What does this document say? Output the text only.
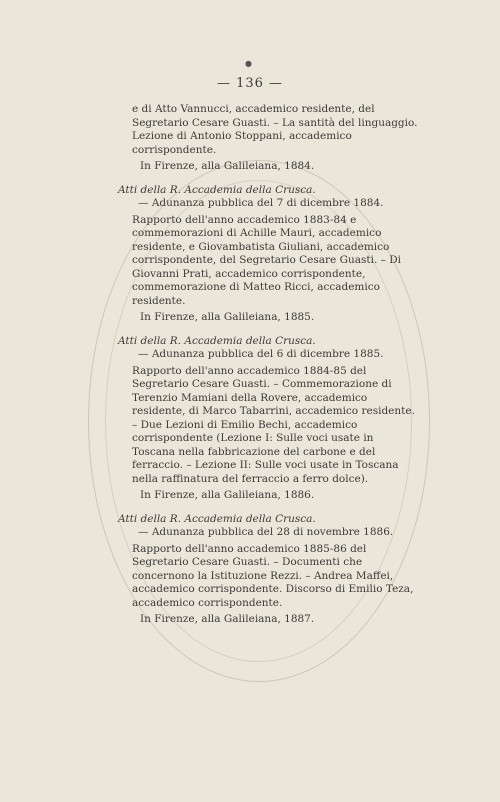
●
— 136 —
e di Atto Vannucci, accademico residente, del Segretario Cesare Guasti. – La santità del linguaggio. Lezione di Antonio Stoppani, accademico corrispondente.
In Firenze, alla Galileiana, 1884.
Atti della R. Accademia della Crusca.
— Adunanza pubblica del 7 di dicembre 1884.
Rapporto dell'anno accademico 1883-84 e commemorazioni di Achille Mauri, accademico residente, e Giovambatista Giuliani, accademico corrispondente, del Segretario Cesare Guasti. – Di Giovanni Prati, accademico corrispondente, commemorazione di Matteo Ricci, accademico residente.
In Firenze, alla Galileiana, 1885.
Atti della R. Accademia della Crusca.
— Adunanza pubblica del 6 di dicembre 1885.
Rapporto dell'anno accademico 1884-85 del Segretario Cesare Guasti. – Commemorazione di Terenzio Mamiani della Rovere, accademico residente, di Marco Tabarrini, accademico residente. – Due Lezioni di Emilio Bechi, accademico corrispondente (Lezione I: Sulle voci usate in Toscana nella fabbricazione del carbone e del ferraccio. – Lezione II: Sulle voci usate in Toscana nella raffinatura del ferraccio a ferro dolce).
In Firenze, alla Galileiana, 1886.
Atti della R. Accademia della Crusca.
— Adunanza pubblica del 28 di novembre 1886.
Rapporto dell'anno accademico 1885-86 del Segretario Cesare Guasti. – Documenti che concernono la Istituzione Rezzi. – Andrea Maffei, accademico corrispondente. Discorso di Emilio Teza, accademico corrispondente.
In Firenze, alla Galileiana, 1887.
